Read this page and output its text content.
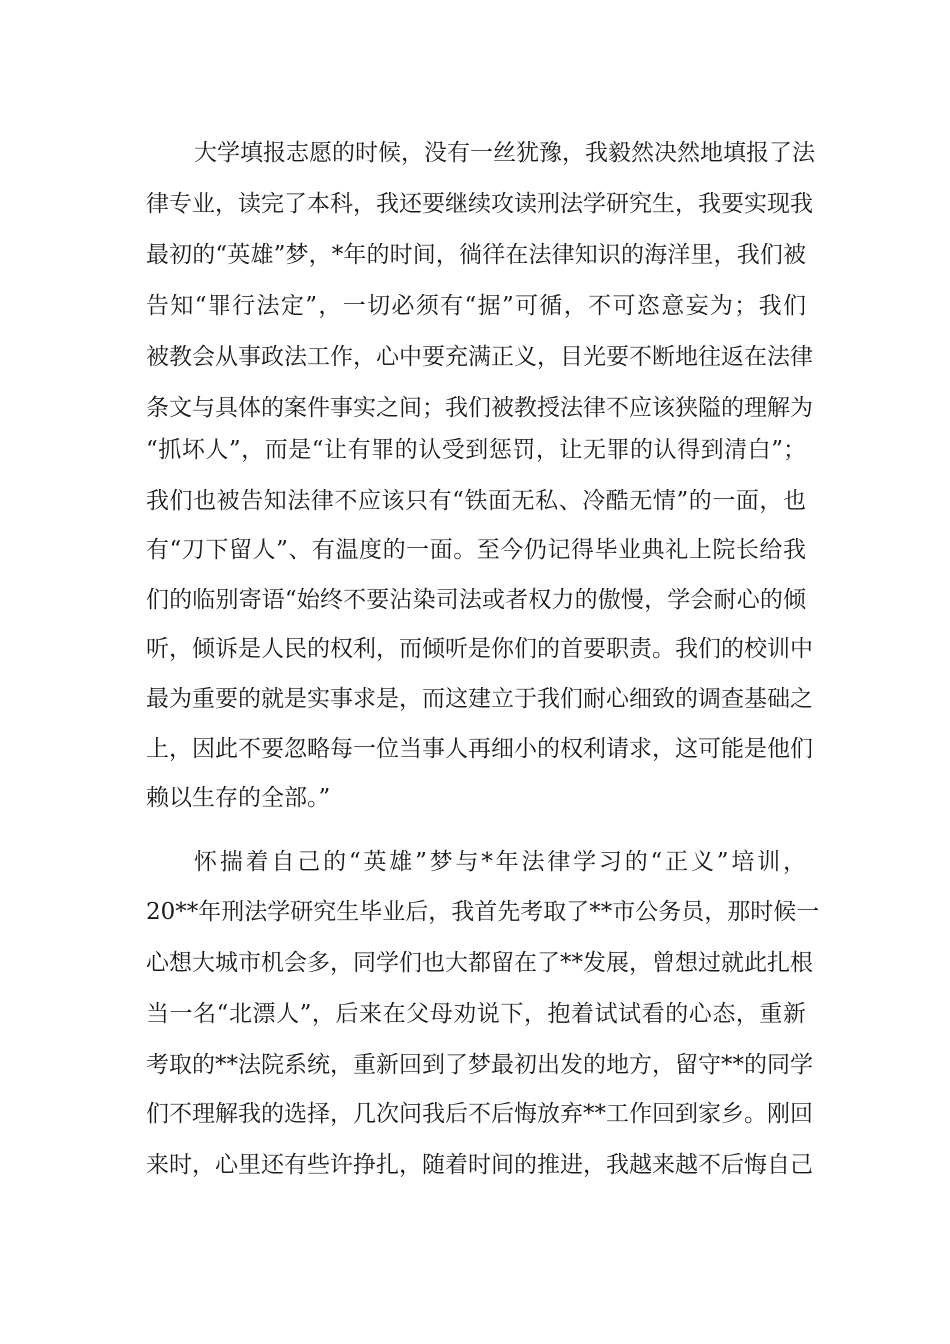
大学填报志愿的时候，没有一丝犹豫，我毅然决然地填报了法
律专业，读完了本科，我还要继续攻读刑法学研究生，我要实现我
最初的“英雄”梦，*年的时间，徜徉在法律知识的海洋里，我们被
告知“罪行法定”，一切必须有“据”可循，不可恣意妄为；我们
被教会从事政法工作，心中要充满正义，目光要不断地往返在法律
条文与具体的案件事实之间；我们被教授法律不应该狭隘的理解为
“抓坏人”，而是“让有罪的认受到惩罚，让无罪的认得到清白”；
我们也被告知法律不应该只有“铁面无私、冷酷无情”的一面，也
有“刀下留人”、有温度的一面。至今仍记得毕业典礼上院长给我
们的临别寄语“始终不要沾染司法或者权力的傲慢，学会耐心的倾
听，倾诉是人民的权利，而倾听是你们的首要职责。我们的校训中
最为重要的就是实事求是，而这建立于我们耐心细致的调查基础之
上，因此不要忽略每一位当事人再细小的权利请求，这可能是他们
赖以生存的全部。”
怀揣着自己的“英雄”梦与*年法律学习的“正义”培训，
20**年刑法学研究生毕业后，我首先考取了**市公务员，那时候一
心想大城市机会多，同学们也大都留在了**发展，曾想过就此扎根
当一名“北漂人”，后来在父母劝说下，抱着试试看的心态，重新
考取的**法院系统，重新回到了梦最初出发的地方，留守**的同学
们不理解我的选择，几次问我后不后悔放弃**工作回到家乡。刚回
来时，心里还有些许挣扎，随着时间的推进，我越来越不后悔自己
